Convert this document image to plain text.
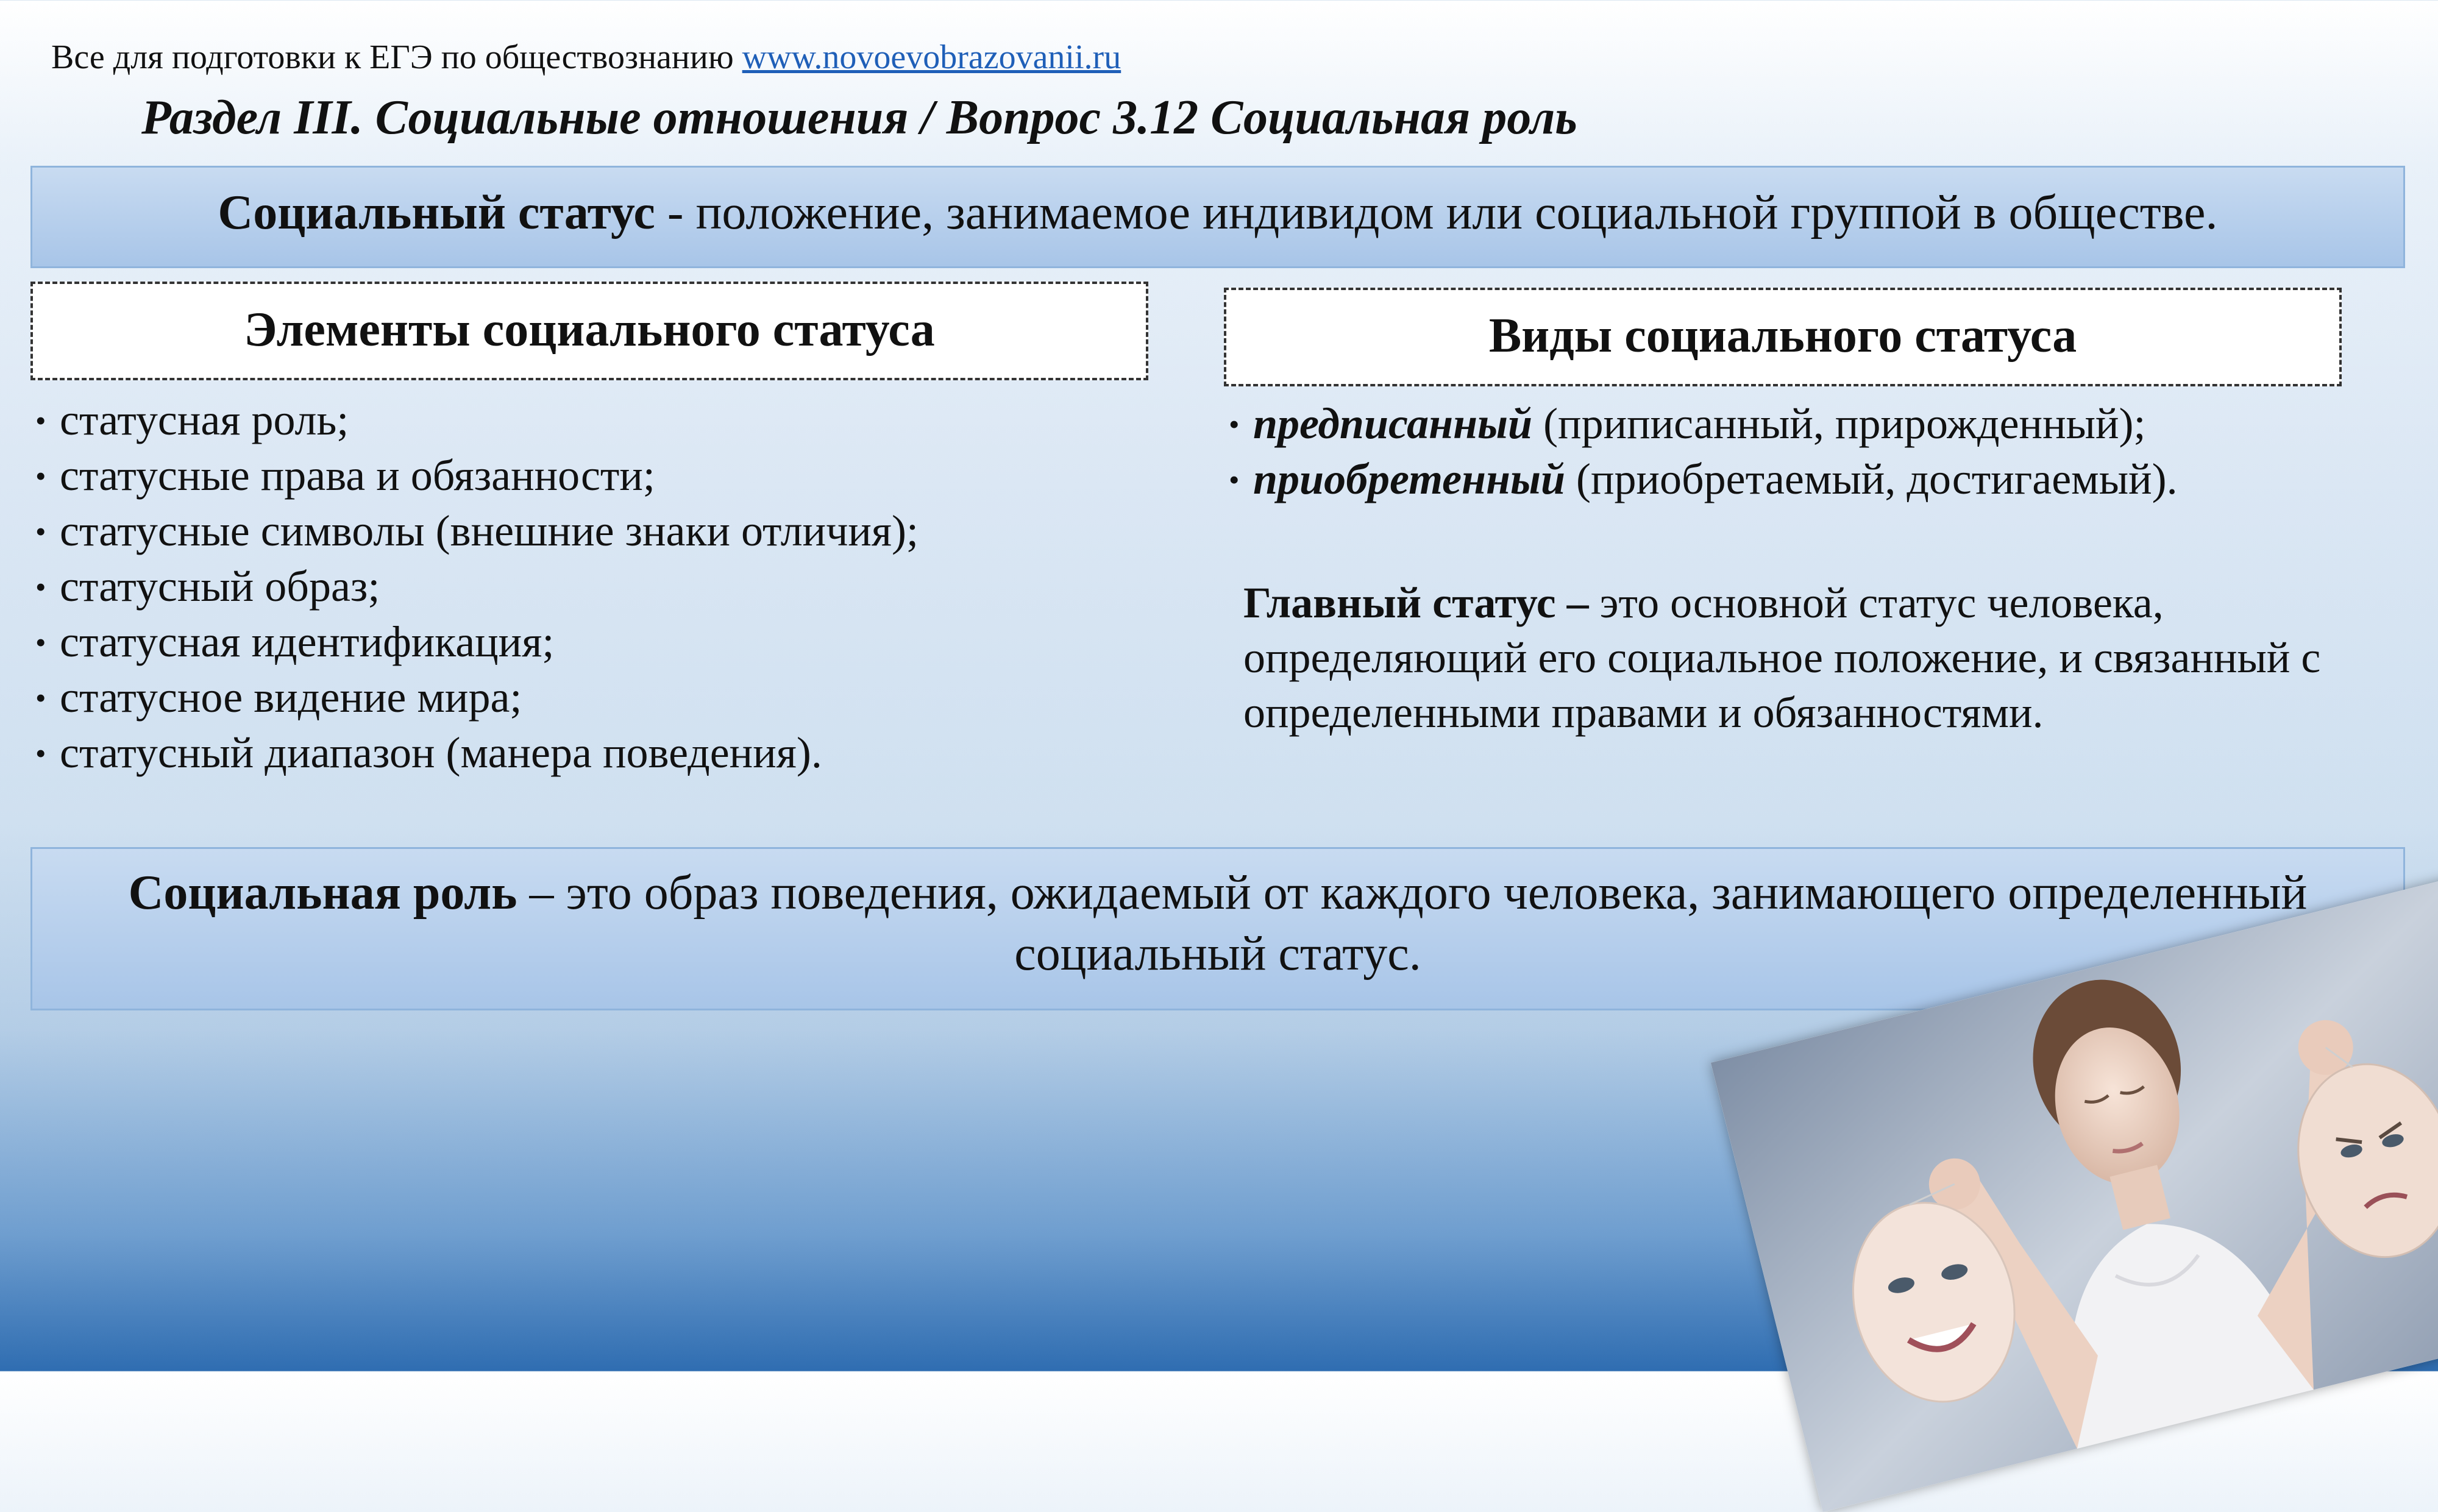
Все для подготовки к ЕГЭ по обществознанию www.novoevobrazovanii.ru
Раздел III. Социальные отношения / Вопрос 3.12 Социальная роль
Социальный статус - положение, занимаемое индивидом или социальной группой в обществе.
Элементы социального статуса	Виды социального статуса
• статусная роль;
• статусные права и обязанности;
• статусные символы (внешние знаки отличия);
• статусный образ;
• статусная идентификация;
• статусное видение мира;
• статусный диапазон (манера поведения).
• предписанный (приписанный, прирожденный);
• приобретенный (приобретаемый, достигаемый).
Главный статус – это основной статус человека, определяющий его социальное положение, и связанный с определенными правами и обязанностями.
Социальная роль – это образ поведения, ожидаемый от каждого человека, занимающего определенный социальный статус.
